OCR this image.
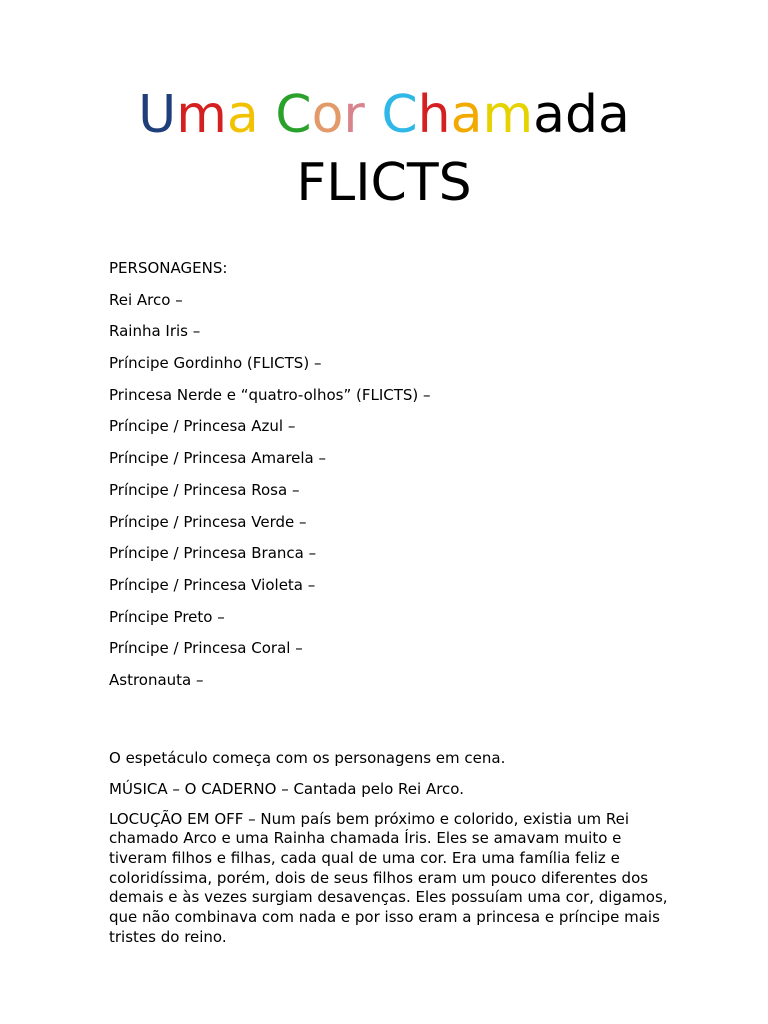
Uma Cor Chamada
FLICTS

PERSONAGENS:

Rei Arco –
Rainha Iris –
Príncipe Gordinho (FLICTS) –
Princesa Nerde e “quatro-olhos” (FLICTS) –
Príncipe / Princesa Azul –
Príncipe / Princesa Amarela –
Príncipe / Princesa Rosa –
Príncipe / Princesa Verde –
Príncipe / Princesa Branca –
Príncipe / Princesa Violeta –
Príncipe Preto –
Príncipe / Princesa Coral –
Astronauta –

O espetáculo começa com os personagens em cena.

MÚSICA – O CADERNO – Cantada pelo Rei Arco.

LOCUÇÃO EM OFF – Num país bem próximo e colorido, existia um Rei chamado Arco e uma Rainha chamada Íris. Eles se amavam muito e tiveram filhos e filhas, cada qual de uma cor. Era uma família feliz e coloridíssima, porém, dois de seus filhos eram um pouco diferentes dos demais e às vezes surgiam desavenças. Eles possuíam uma cor, digamos, que não combinava com nada e por isso eram a princesa e príncipe mais tristes do reino.
